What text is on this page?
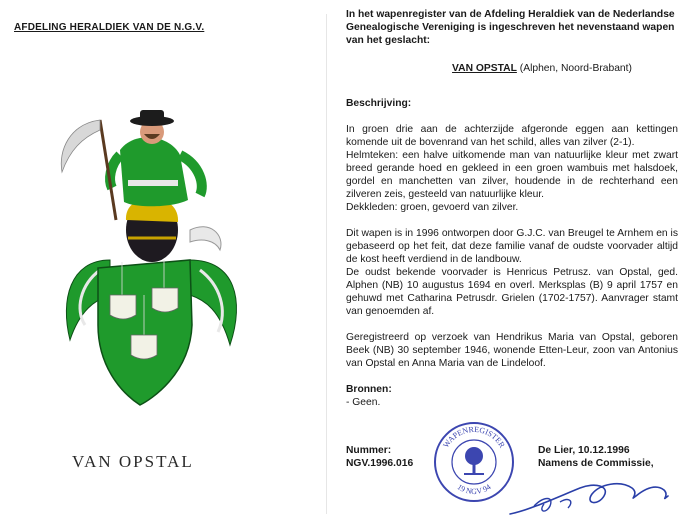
AFDELING HERALDIEK VAN DE N.G.V.
VAN OPSTAL
In het wapenregister van de Afdeling Heraldiek van de Nederlandse Genealogische Vereniging is ingeschreven het nevenstaand wapen van het geslacht:
VAN OPSTAL (Alphen, Noord-Brabant)
Beschrijving:

In groen drie aan de achterzijde afgeronde eggen aan kettingen komende uit de bovenrand van het schild, alles van zilver (2-1).

Helmteken: een halve uitkomende man van natuurlijke kleur met zwart breed gerande hoed en gekleed in een groen wambuis met halsdoek, gordel en manchetten van zilver, houdende in de rechterhand een zilveren zeis, gesteeld van natuurlijke kleur.

Dekkleden: groen, gevoerd van zilver.

Dit wapen is in 1996 ontworpen door G.J.C. van Breugel te Arnhem en is gebaseerd op het feit, dat deze familie vanaf de oudste voorvader altijd de kost heeft verdiend in de landbouw.

De oudst bekende voorvader is Henricus Petrusz. van Opstal, ged. Alphen (NB) 10 augustus 1694 en overl. Merksplas (B) 9 april 1757 en gehuwd met Catharina Petrusdr. Grielen (1702-1757). Aanvrager stamt van genoemden af.

Geregistreerd op verzoek van Hendrikus Maria van Opstal, geboren Beek (NB) 30 september 1946, wonende Etten-Leur, zoon van Antonius van Opstal en Anna Maria van de Lindeloof.

Bronnen:
- Geen.
Nummer:
NGV.1996.016
WAPENREGISTER
19 NGV 94
De Lier, 10.12.1996
Namens de Commissie,
